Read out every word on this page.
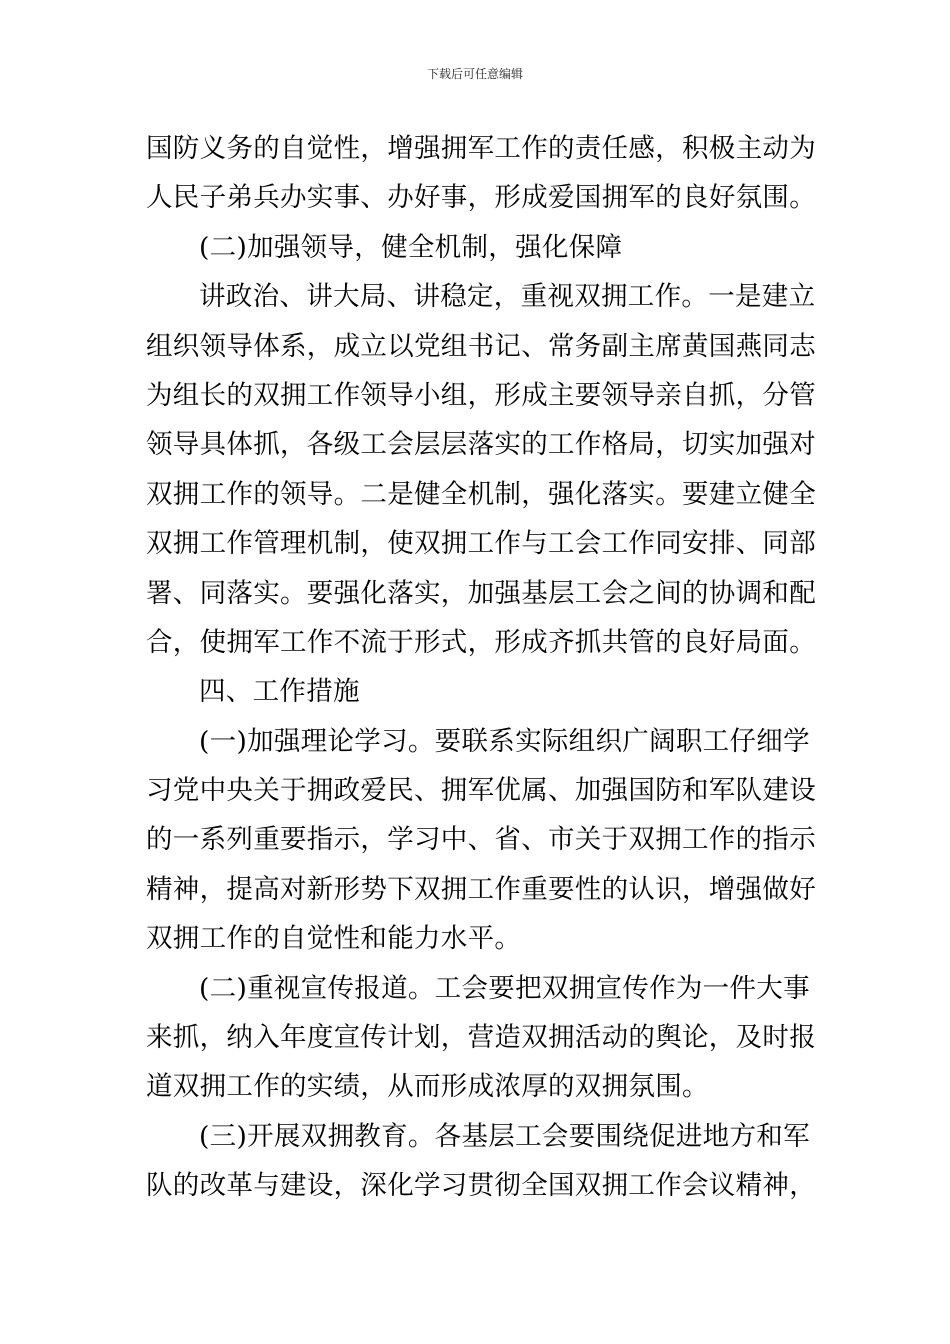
下载后可任意编辑
国防义务的自觉性，增强拥军工作的责任感，积极主动为
人民子弟兵办实事、办好事，形成爱国拥军的良好氛围。
(二)加强领导，健全机制，强化保障
讲政治、讲大局、讲稳定，重视双拥工作。一是建立
组织领导体系，成立以党组书记、常务副主席黄国燕同志
为组长的双拥工作领导小组，形成主要领导亲自抓，分管
领导具体抓，各级工会层层落实的工作格局，切实加强对
双拥工作的领导。二是健全机制，强化落实。要建立健全
双拥工作管理机制，使双拥工作与工会工作同安排、同部
署、同落实。要强化落实，加强基层工会之间的协调和配
合，使拥军工作不流于形式，形成齐抓共管的良好局面。
四、工作措施
(一)加强理论学习。要联系实际组织广阔职工仔细学
习党中央关于拥政爱民、拥军优属、加强国防和军队建设
的一系列重要指示，学习中、省、市关于双拥工作的指示
精神，提高对新形势下双拥工作重要性的认识，增强做好
双拥工作的自觉性和能力水平。
(二)重视宣传报道。工会要把双拥宣传作为一件大事
来抓，纳入年度宣传计划，营造双拥活动的舆论，及时报
道双拥工作的实绩，从而形成浓厚的双拥氛围。
(三)开展双拥教育。各基层工会要围绕促进地方和军
队的改革与建设，深化学习贯彻全国双拥工作会议精神，
